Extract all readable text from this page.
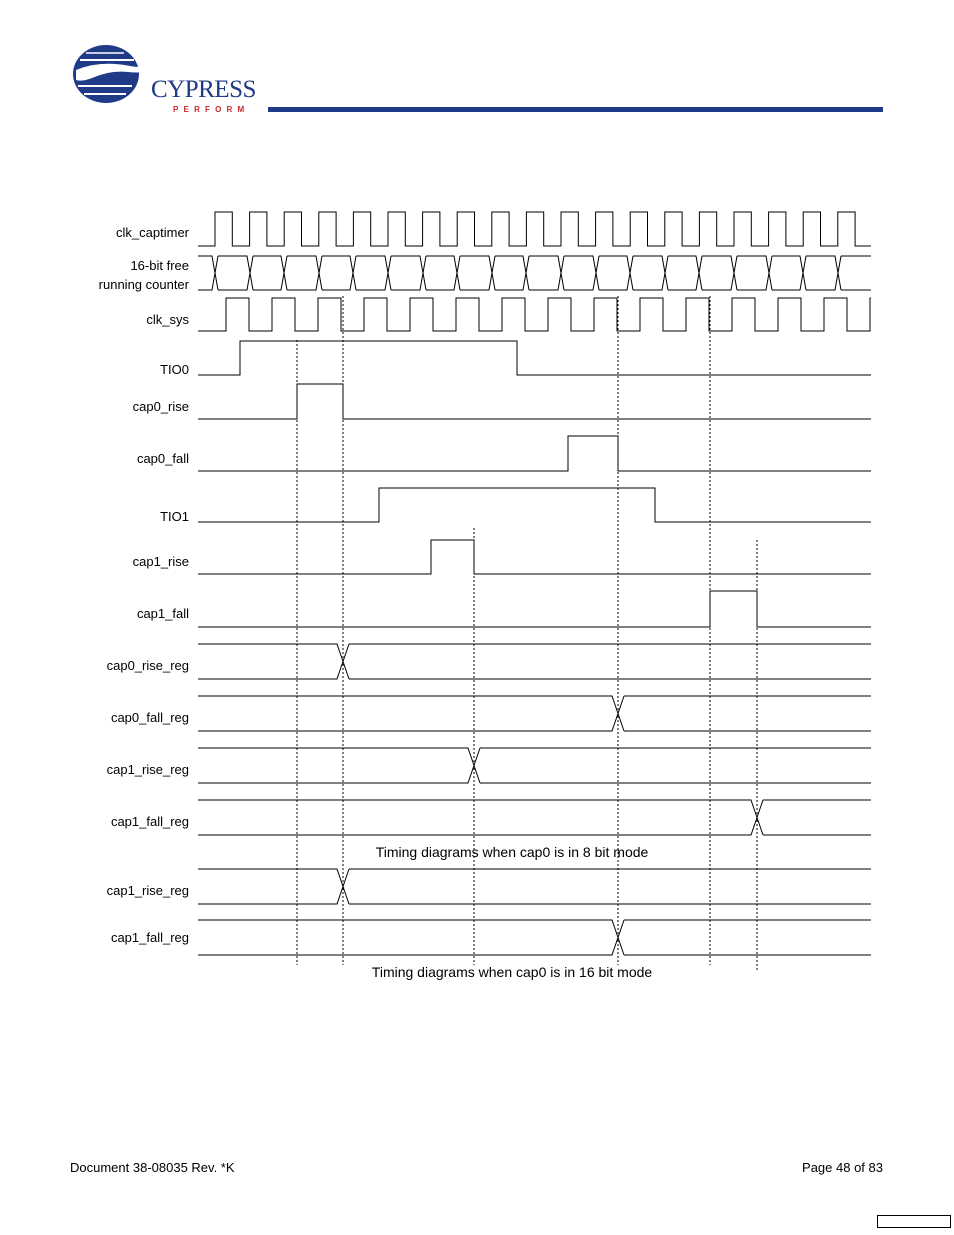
CYPRESS
PERFORM
clk_captimer
16-bit free
running counter
clk_sys
TIO0
cap0_rise
cap0_fall
TIO1
cap1_rise
cap1_fall
cap0_rise_reg
cap0_fall_reg
cap1_rise_reg
cap1_fall_reg
cap1_rise_reg
cap1_fall_reg
Timing diagrams when cap0 is in 8 bit mode
Timing diagrams when cap0 is in 16 bit mode
Document 38-08035 Rev. *K	Page 48 of 83
